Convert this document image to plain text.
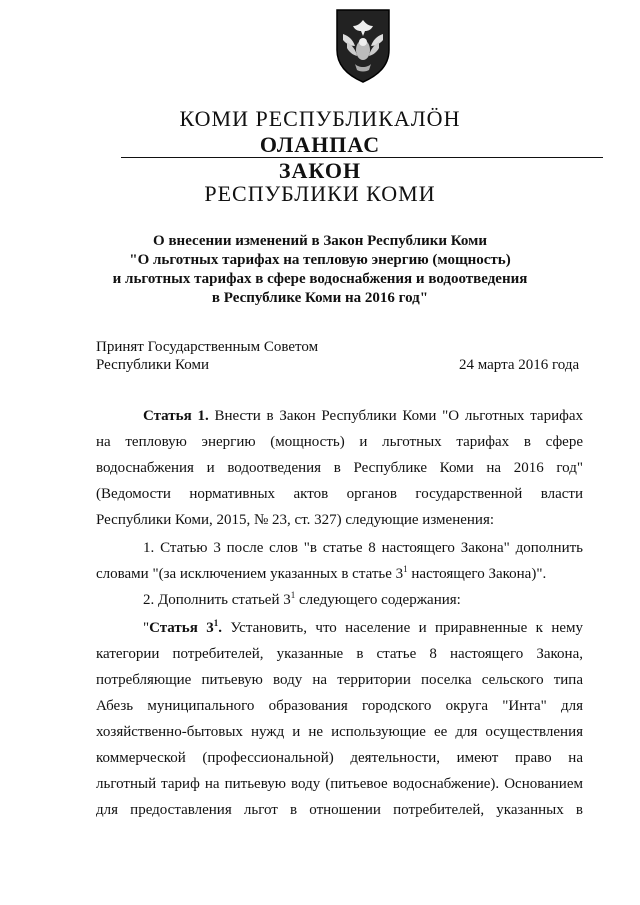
КОМИ РЕСПУБЛИКАЛӦН
ОЛАНПАС
ЗАКОН
РЕСПУБЛИКИ КОМИ
О внесении изменений в Закон Республики Коми
"О льготных тарифах на тепловую энергию (мощность)
и льготных тарифах в сфере водоснабжения и водоотведения
в Республике Коми на 2016 год"
Принят Государственным Советом
Республики Коми	24 марта 2016 года
Статья 1. Внести в Закон Республики Коми "О льготных тарифах
на тепловую энергию (мощность) и льготных тарифах в сфере
водоснабжения и водоотведения в Республике Коми на 2016 год"
(Ведомости нормативных актов органов государственной власти
Республики Коми, 2015, № 23, ст. 327) следующие изменения:
1. Статью 3 после слов "в статье 8 настоящего Закона" дополнить
словами "(за исключением указанных в статье $3^1$ настоящего Закона)".
2. Дополнить статьей $3^1$ следующего содержания:
"Статья $3^1$. Установить, что население и приравненные к нему
категории потребителей, указанные в статье 8 настоящего Закона,
потребляющие питьевую воду на территории поселка сельского типа
Абезь муниципального образования городского округа "Инта" для
хозяйственно-бытовых нужд и не использующие ее для осуществления
коммерческой (профессиональной) деятельности, имеют право на
льготный тариф на питьевую воду (питьевое водоснабжение). Основанием
для предоставления льгот в отношении потребителей, указанных в
